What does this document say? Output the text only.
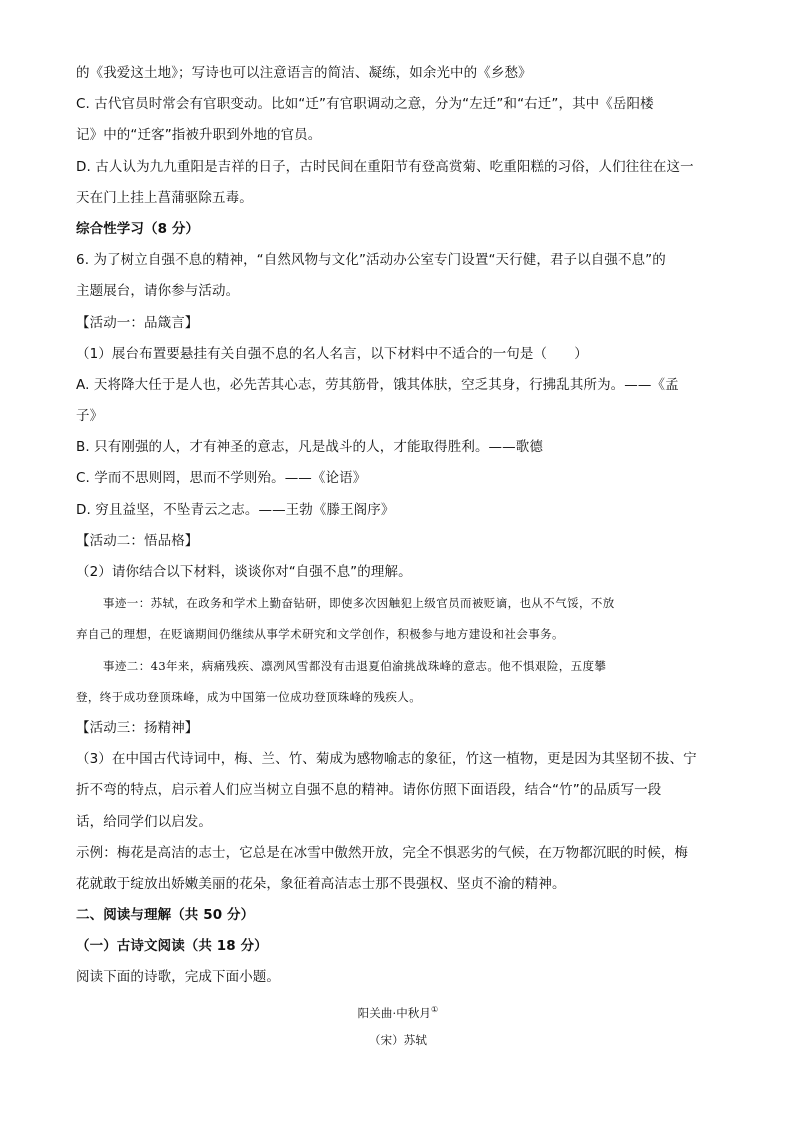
的《我爱这土地》；写诗也可以注意语言的简洁、凝练，如余光中的《乡愁》
C. 古代官员时常会有官职变动。比如“迁”有官职调动之意，分为“左迁”和“右迁”，其中《岳阳楼
记》中的“迁客”指被升职到外地的官员。
D. 古人认为九九重阳是吉祥的日子，古时民间在重阳节有登高赏菊、吃重阳糕的习俗，人们往往在这一
天在门上挂上菖蒲驱除五毒。
综合性学习（8 分）
6. 为了树立自强不息的精神，“自然风物与文化”活动办公室专门设置“天行健，君子以自强不息”的
主题展台，请你参与活动。
【活动一：品箴言】
（1）展台布置要悬挂有关自强不息的名人名言，以下材料中不适合的一句是（　　）
A. 天将降大任于是人也，必先苦其心志，劳其筋骨，饿其体肤，空乏其身，行拂乱其所为。——《孟
子》
B. 只有刚强的人，才有神圣的意志，凡是战斗的人，才能取得胜利。——歌德
C. 学而不思则罔，思而不学则殆。——《论语》
D. 穷且益坚，不坠青云之志。——王勃《滕王阁序》
【活动二：悟品格】
（2）请你结合以下材料，谈谈你对“自强不息”的理解。
事迹一：苏轼，在政务和学术上勤奋钻研，即使多次因触犯上级官员而被贬谪，也从不气馁，不放
弃自己的理想，在贬谪期间仍继续从事学术研究和文学创作，积极参与地方建设和社会事务。
事迹二：43年来，病痛残疾、凛冽风雪都没有击退夏伯渝挑战珠峰的意志。他不惧艰险，五度攀
登，终于成功登顶珠峰，成为中国第一位成功登顶珠峰的残疾人。
【活动三：扬精神】
（3）在中国古代诗词中，梅、兰、竹、菊成为感物喻志的象征，竹这一植物，更是因为其坚韧不拔、宁
折不弯的特点，启示着人们应当树立自强不息的精神。请你仿照下面语段，结合“竹”的品质写一段
话，给同学们以启发。
示例：梅花是高洁的志士，它总是在冰雪中傲然开放，完全不惧恶劣的气候，在万物都沉眠的时候，梅
花就敢于绽放出娇嫩美丽的花朵，象征着高洁志士那不畏强权、坚贞不渝的精神。
二、阅读与理解（共 50 分）
（一）古诗文阅读（共 18 分）
阅读下面的诗歌，完成下面小题。
阳关曲·中秋月①
（宋）苏轼
